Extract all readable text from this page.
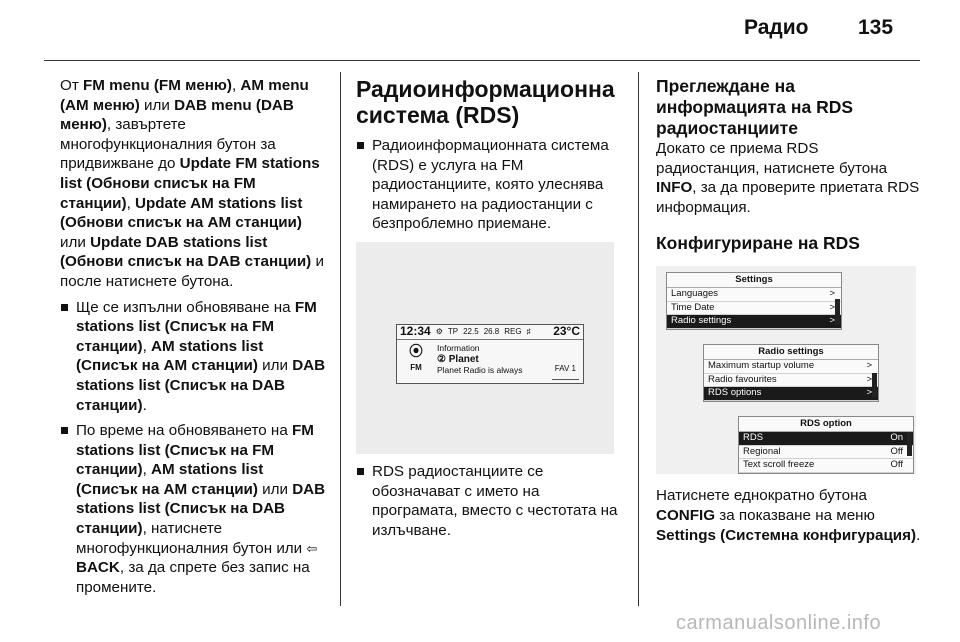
Радио 135

От FM menu (FM меню), AM menu (AM меню) или DAB menu (DAB меню), завъртете многофункционалния бутон за придвижване до Update FM stations list (Обнови списък на FM станции), Update AM stations list (Обнови списък на AM станции) или Update DAB stations list (Обнови списък на DAB станции) и после натиснете бутона.

Ще се изпълни обновяване на FM stations list (Списък на FM станции), AM stations list (Списък на AM станции) или DAB stations list (Списък на DAB станции).
По време на обновяването на FM stations list (Списък на FM станции), AM stations list (Списък на AM станции) или DAB stations list (Списък на DAB станции), натиснете многофункционалния бутон или ⇦ BACK, за да спрете без запис на промените.
Радиоинформационна система (RDS)
Радиоинформационната система (RDS) е услуга на FM радиостанциите, която улеснява намирането на радиостанции с безпроблемно приемане.
12:34 ⚙ TP 22.5 26.8 REG ♯ 23°C
⦿
FM
Information
② Planet
Planet Radio is always	FAV 1
RDS радиостанциите се обозначават с името на програмата, вместо с честотата на излъчване.
Преглеждане на информацията на RDS радиостанциите

Докато се приема RDS радиостанция, натиснете бутона INFO, за да проверите приетата RDS информация.

Конфигуриране на RDS
Settings
Languages	>
Time Date	>
Radio settings	>
Radio settings
Maximum startup volume	>
Radio favourites	>
RDS options	>
RDS option
RDS	On
Regional	Off
Text scroll freeze	Off

Натиснете еднократно бутона CONFIG за показване на меню Settings (Системна конфигурация).

carmanualsonline.info
